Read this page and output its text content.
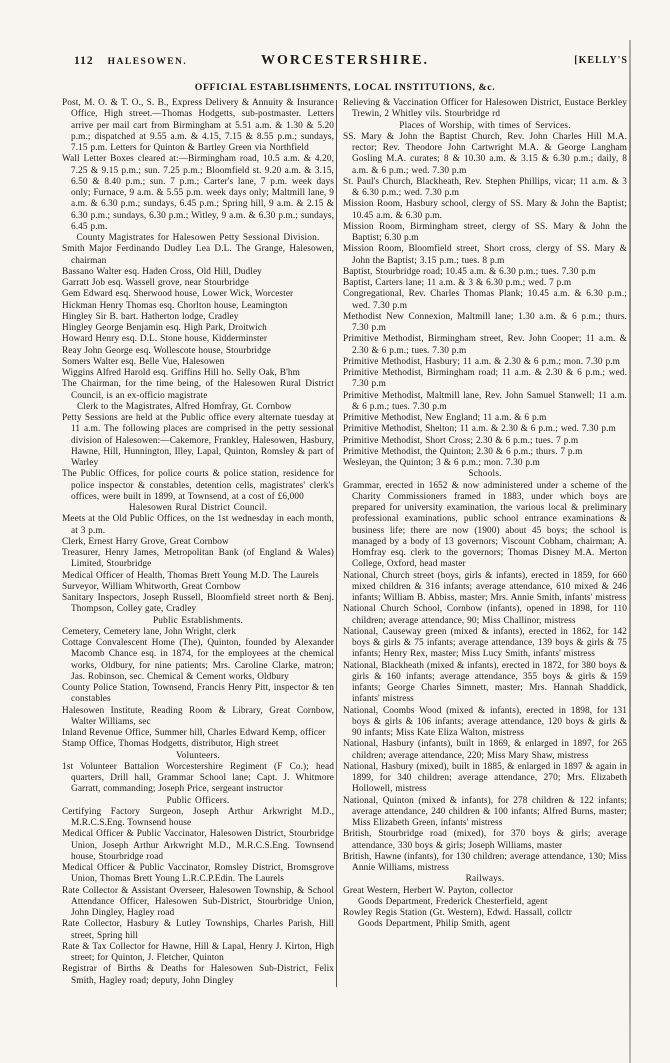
112 HALESOWEN.	WORCESTERSHIRE.	[KELLY'S
OFFICIAL ESTABLISHMENTS, LOCAL INSTITUTIONS, &c.

Post, M. O. & T. O., S. B., Express Delivery & Annuity & Insurance Office, High street.—Thomas Hodgetts, sub-postmaster. Letters arrive per mail cart from Birmingham at 5.51 a.m. & 1.30 & 5.20 p.m.; dispatched at 9.55 a.m. & 4.15, 7.15 & 8.55 p.m.; sundays, 7.15 p.m. Letters for Quinton & Bartley Green via Northfield

Wall Letter Boxes cleared at:—Birmingham road, 10.5 a.m. & 4.20, 7.25 & 9.15 p.m.; sun. 7.25 p.m.; Bloomfield st. 9.20 a.m. & 3.15, 6.50 & 8.40 p.m.; sun. 7 p.m.; Carter's lane, 7 p.m. week days only; Furnace, 9 a.m. & 5.55 p.m. week days only; Maltmill lane, 9 a.m. & 6.30 p.m.; sundays, 6.45 p.m.; Spring hill, 9 a.m. & 2.15 & 6.30 p.m.; sundays, 6.30 p.m.; Witley, 9 a.m. & 6.30 p.m.; sundays, 6.45 p.m.

County Magistrates for Halesowen Petty Sessional Division.

Smith Major Ferdinando Dudley Lea D.L. The Grange, Halesowen, chairman

Bassano Walter esq. Haden Cross, Old Hill, Dudley

Garratt Job esq. Wassell grove, near Stourbridge

Gem Edward esq. Sherwood house, Lower Wick, Worcester

Hickman Henry Thomas esq. Chorlton house, Leamington

Hingley Sir B. bart. Hatherton lodge, Cradley

Hingley George Benjamin esq. High Park, Droitwich

Howard Henry esq. D.L. Stone house, Kidderminster

Reay John George esq. Wollescote house, Stourbridge

Somers Walter esq. Belle Vue, Halesowen

Wiggins Alfred Harold esq. Griffins Hill ho. Selly Oak, B'hm

The Chairman, for the time being, of the Halesowen Rural District Council, is an ex-officio magistrate

Clerk to the Magistrates, Alfred Homfray, Gt. Cornbow

Petty Sessions are held at the Public office every alternate tuesday at 11 a.m. The following places are comprised in the petty sessional division of Halesowen:—Cakemore, Frankley, Halesowen, Hasbury, Hawne, Hill, Hunnington, Illey, Lapal, Quinton, Romsley & part of Warley

The Public Offices, for police courts & police station, residence for police inspector & constables, detention cells, magistrates' clerk's offices, were built in 1899, at Townsend, at a cost of £6,000

Halesowen Rural District Council.

Meets at the Old Public Offices, on the 1st wednesday in each month, at 3 p.m.

Clerk, Ernest Harry Grove, Great Cornbow

Treasurer, Henry James, Metropolitan Bank (of England & Wales) Limited, Stourbridge

Medical Officer of Health, Thomas Brett Young M.D. The Laurels

Surveyor, William Whitworth, Great Cornbow

Sanitary Inspectors, Joseph Russell, Bloomfield street north & Benj. Thompson, Colley gate, Cradley

Public Establishments.

Cemetery, Cemetery lane, John Wright, clerk

Cottage Convalescent Home (The), Quinton, founded by Alexander Macomb Chance esq. in 1874, for the employees at the chemical works, Oldbury, for nine patients; Mrs. Caroline Clarke, matron; Jas. Robinson, sec. Chemical & Cement works, Oldbury

County Police Station, Townsend, Francis Henry Pitt, inspector & ten constables

Halesowen Institute, Reading Room & Library, Great Cornbow, Walter Williams, sec

Inland Revenue Office, Summer hill, Charles Edward Kemp, officer

Stamp Office, Thomas Hodgetts, distributor, High street

Volunteers.

1st Volunteer Battalion Worcestershire Regiment (F Co.); head quarters, Drill hall, Grammar School lane; Capt. J. Whitmore Garratt, commanding; Joseph Price, sergeant instructor

Public Officers.

Certifying Factory Surgeon, Joseph Arthur Arkwright M.D., M.R.C.S.Eng. Townsend house

Medical Officer & Public Vaccinator, Halesowen District, Stourbridge Union, Joseph Arthur Arkwright M.D., M.R.C.S.Eng. Townsend house, Stourbridge road

Medical Officer & Public Vaccinator, Romsley District, Bromsgrove Union, Thomas Brett Young L.R.C.P.Edin. The Laurels

Rate Collector & Assistant Overseer, Halesowen Township, & School Attendance Officer, Halesowen Sub-District, Stourbridge Union, John Dingley, Hagley road

Rate Collector, Hasbury & Lutley Townships, Charles Parish, Hill street, Spring hill

Rate & Tax Collector for Hawne, Hill & Lapal, Henry J. Kirton, High street; for Quinton, J. Fletcher, Quinton

Registrar of Births & Deaths for Halesowen Sub-District, Felix Smith, Hagley road; deputy, John Dingley

Relieving & Vaccination Officer for Halesowen District, Eustace Berkley Trewin, 2 Whitley vils. Stourbridge rd

Places of Worship, with times of Services.

SS. Mary & John the Baptist Church, Rev. John Charles Hill M.A. rector; Rev. Theodore John Cartwright M.A. & George Langham Gosling M.A. curates; 8 & 10.30 a.m. & 3.15 & 6.30 p.m.; daily, 8 a.m. & 6 p.m.; wed. 7.30 p.m

St. Paul's Church, Blackheath, Rev. Stephen Phillips, vicar; 11 a.m. & 3 & 6.30 p.m.; wed. 7.30 p.m

Mission Room, Hasbury school, clergy of SS. Mary & John the Baptist; 10.45 a.m. & 6.30 p.m.

Mission Room, Birmingham street, clergy of SS. Mary & John the Baptist; 6.30 p.m

Mission Room, Bloomfield street, Short cross, clergy of SS. Mary & John the Baptist; 3.15 p.m.; tues. 8 p.m

Baptist, Stourbridge road; 10.45 a.m. & 6.30 p.m.; tues. 7.30 p.m

Baptist, Carters lane; 11 a.m. & 3 & 6.30 p.m.; wed. 7 p.m

Congregational, Rev. Charles Thomas Plank; 10.45 a.m. & 6.30 p.m.; wed. 7.30 p.m

Methodist New Connexion, Maltmill lane; 1.30 a.m. & 6 p.m.; thurs. 7.30 p.m

Primitive Methodist, Birmingham street, Rev. John Cooper; 11 a.m. & 2.30 & 6 p.m.; tues. 7.30 p.m

Primitive Methodist, Hasbury; 11 a.m. & 2.30 & 6 p.m.; mon. 7.30 p.m

Primitive Methodist, Birmingham road; 11 a.m. & 2.30 & 6 p.m.; wed. 7.30 p.m

Primitive Methodist, Maltmill lane, Rev. John Samuel Stanwell; 11 a.m. & 6 p.m.; tues. 7.30 p.m

Primitive Methodist, New England; 11 a.m. & 6 p.m

Primitive Methodist, Shelton; 11 a.m. & 2.30 & 6 p.m.; wed. 7.30 p.m

Primitive Methodist, Short Cross; 2.30 & 6 p.m.; tues. 7 p.m

Primitive Methodist, the Quinton; 2.30 & 6 p.m.; thurs. 7 p.m

Wesleyan, the Quinton; 3 & 6 p.m.; mon. 7.30 p.m

Schools.

Grammar, erected in 1652 & now administered under a scheme of the Charity Commissioners framed in 1883, under which boys are prepared for university examination, the various local & preliminary professional examinations, public school entrance examinations & business life; there are now (1900) about 45 boys; the school is managed by a body of 13 governors; Viscount Cobham, chairman; A. Homfray esq. clerk to the governors; Thomas Disney M.A. Merton College, Oxford, head master

National, Church street (boys, girls & infants), erected in 1859, for 660 mixed children & 316 infants; average attendance, 610 mixed & 246 infants; William B. Abbiss, master; Mrs. Annie Smith, infants' mistress

National Church School, Cornbow (infants), opened in 1898, for 110 children; average attendance, 90; Miss Challinor, mistress

National, Causeway green (mixed & infants), erected in 1862, for 142 boys & girls & 75 infants; average attendance, 139 boys & girls & 75 infants; Henry Rex, master; Miss Lucy Smith, infants' mistress

National, Blackheath (mixed & infants), erected in 1872, for 380 boys & girls & 160 infants; average attendance, 355 boys & girls & 159 infants; George Charles Simnett, master; Mrs. Hannah Shaddick, infants' mistress

National, Coombs Wood (mixed & infants), erected in 1898, for 131 boys & girls & 106 infants; average attendance, 120 boys & girls & 90 infants; Miss Kate Eliza Walton, mistress

National, Hasbury (infants), built in 1869, & enlarged in 1897, for 265 children; average attendance, 220; Miss Mary Shaw, mistress

National, Hasbury (mixed), built in 1885, & enlarged in 1897 & again in 1899, for 340 children; average attendance, 270; Mrs. Elizabeth Hollowell, mistress

National, Quinton (mixed & infants), for 278 children & 122 infants; average attendance, 240 children & 100 infants; Alfred Burns, master; Miss Elizabeth Green, infants' mistress

British, Stourbridge road (mixed), for 370 boys & girls; average attendance, 330 boys & girls; Joseph Williams, master

British, Hawne (infants), for 130 children; average attendance, 130; Miss Annie Williams, mistress

Railways.

Great Western, Herbert W. Payton, collector

Goods Department, Frederick Chesterfield, agent

Rowley Regis Station (Gt. Western), Edwd. Hassall, collctr

Goods Department, Philip Smith, agent
